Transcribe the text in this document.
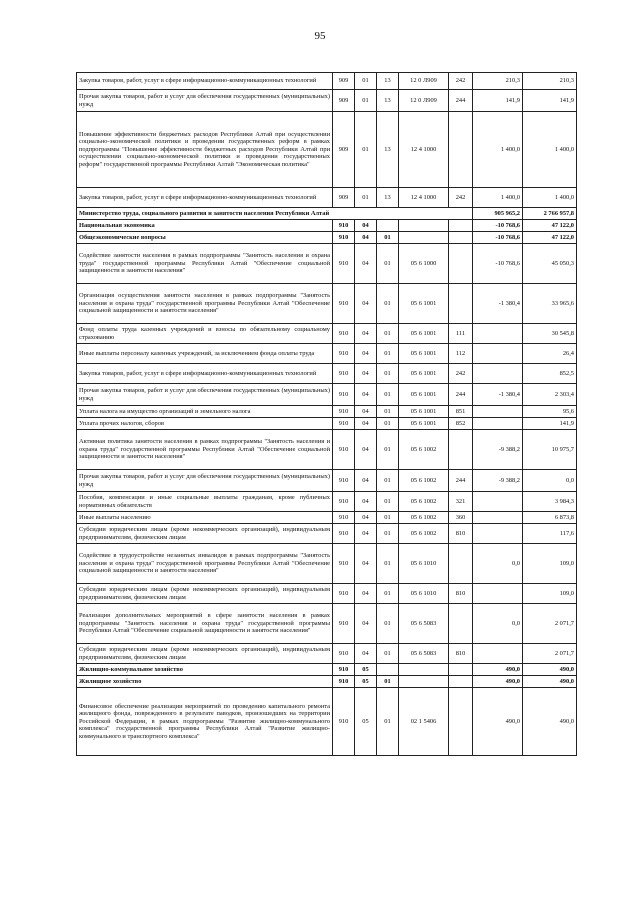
95
Закупка товаров, работ, услуг в сфере информационно-коммуникационных технологий	909	01	13	12 0 Л909	242	210,3	210,3
Прочая закупка товаров, работ и услуг для обеспечения государственных (муниципальных) нужд	909	01	13	12 0 Л909	244	141,9	141,9
Повышение эффективности бюджетных расходов Республики Алтай при осуществлении социально-экономической политики и проведении государственных реформ в рамках подпрограммы "Повышение эффективности бюджетных расходов Республики Алтай при осуществлении социально-экономической политики и проведении государственных реформ" государственной программы Республики Алтай "Экономическая политика"	909	01	13	12 4 1000		1 400,0	1 400,0
Закупка товаров, работ, услуг в сфере информационно-коммуникационных технологий	909	01	13	12 4 1000	242	1 400,0	1 400,0
Министерство труда, социального развития и занятости населения Республики Алтай						905 965,2	2 766 957,8
Национальная экономика	910	04				-10 768,6	47 122,0
Общеэкономические вопросы	910	04	01			-10 768,6	47 122,0
Содействие занятости населения в рамках подпрограммы "Занятость населения и охрана труда" государственной программы Республики Алтай "Обеспечение социальной защищенности и занятости населения"	910	04	01	05 6 1000		-10 768,6	45 050,3
Организация осуществления занятости населения в рамках подпрограммы "Занятость населения и охрана труда" государственной программы Республики Алтай "Обеспечение социальной защищенности и занятости населения"	910	04	01	05 6 1001		-1 380,4	33 965,6
Фонд оплаты труда казенных учреждений и взносы по обязательному социальному страхованию	910	04	01	05 6 1001	111		30 545,8
Иные выплаты персоналу казенных учреждений, за исключением фонда оплаты труда	910	04	01	05 6 1001	112		26,4
Закупка товаров, работ, услуг в сфере информационно-коммуникационных технологий	910	04	01	05 6 1001	242		852,5
Прочая закупка товаров, работ и услуг для обеспечения государственных (муниципальных) нужд	910	04	01	05 6 1001	244	-1 380,4	2 303,4
Уплата налога на имущество организаций и земельного налога	910	04	01	05 6 1001	851		95,6
Уплата прочих налогов, сборов	910	04	01	05 6 1001	852		141,9
Активная политика занятости населения в рамках подпрограммы "Занятость населения и охрана труда" государственной программы Республики Алтай "Обеспечение социальной защищенности и занятости населения"	910	04	01	05 6 1002		-9 388,2	10 975,7
Прочая закупка товаров, работ и услуг для обеспечения государственных (муниципальных) нужд	910	04	01	05 6 1002	244	-9 388,2	0,0
Пособия, компенсации и иные социальные выплаты гражданам, кроме публичных нормативных обязательств	910	04	01	05 6 1002	321		3 984,3
Иные выплаты населению	910	04	01	05 6 1002	360		6 873,8
Субсидии юридическим лицам (кроме некоммерческих организаций), индивидуальным предпринимателям, физическим лицам	910	04	01	05 6 1002	810		117,6
Содействие в трудоустройстве незанятых инвалидов в рамках подпрограммы "Занятость населения и охрана труда" государственной программы Республики Алтай "Обеспечение социальной защищенности и занятости населения"	910	04	01	05 6 1010		0,0	109,0
Субсидии юридическим лицам (кроме некоммерческих организаций), индивидуальным предпринимателям, физическим лицам	910	04	01	05 6 1010	810		109,0
Реализация дополнительных мероприятий в сфере занятости населения в рамках подпрограммы "Занятость населения и охрана труда" государственной программы Республики Алтай "Обеспечение социальной защищенности и занятости населения"	910	04	01	05 6 5083		0,0	2 071,7
Субсидии юридическим лицам (кроме некоммерческих организаций), индивидуальным предпринимателям, физическим лицам	910	04	01	05 6 5083	810		2 071,7
Жилищно-коммунальное хозяйство	910	05				490,0	490,0
Жилищное хозяйство	910	05	01			490,0	490,0
Финансовое обеспечение реализации мероприятий по проведению капитального ремонта жилищного фонда, поврежденного в результате паводков, произошедших на территории Российской Федерации, в рамках подпрограммы "Развитие жилищно-коммунального комплекса" государственной программы Республики Алтай "Развитие жилищно-коммунального и транспортного комплекса"	910	05	01	02 1 5406		490,0	490,0
